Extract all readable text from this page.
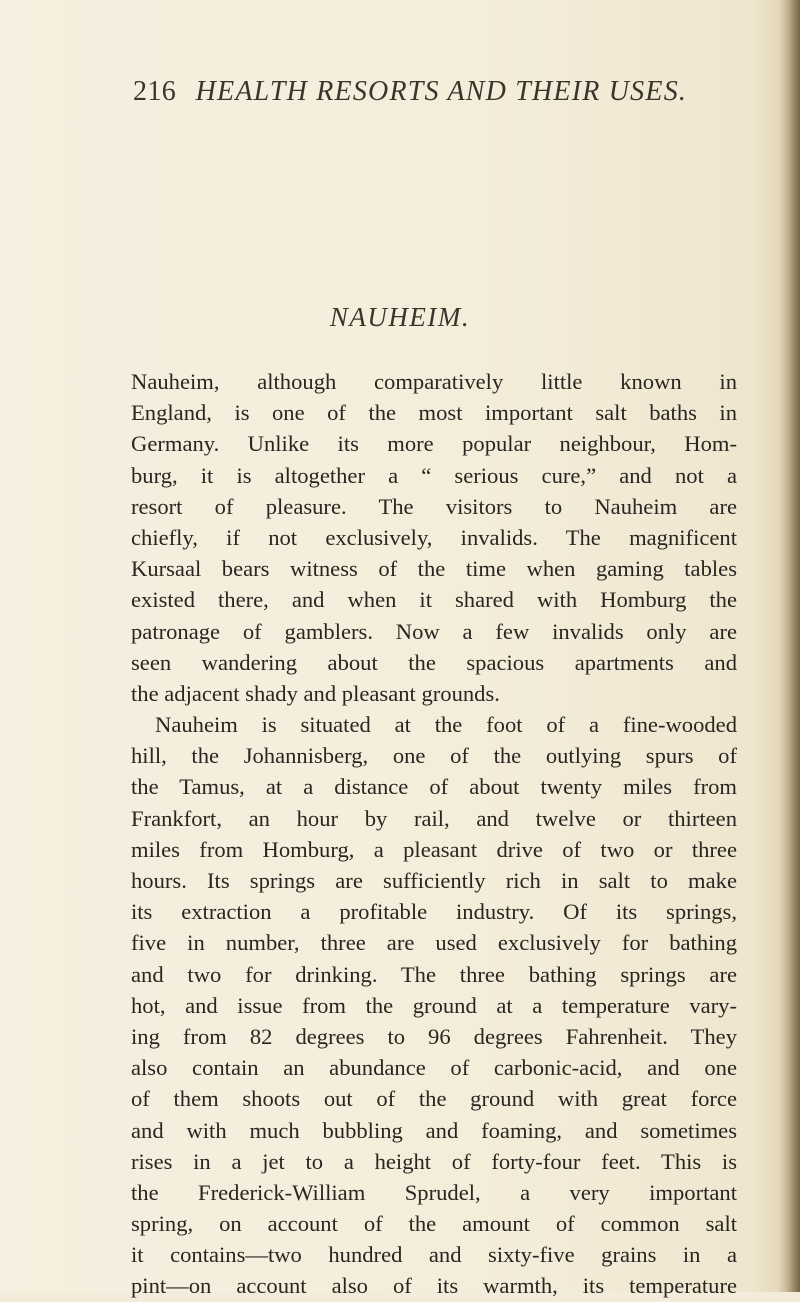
216 HEALTH RESORTS AND THEIR USES.
NAUHEIM.
Nauheim, although comparatively little known in
England, is one of the most important salt baths in
Germany. Unlike its more popular neighbour, Hom-
burg, it is altogether a “ serious cure,” and not a
resort of pleasure. The visitors to Nauheim are
chiefly, if not exclusively, invalids. The magnificent
Kursaal bears witness of the time when gaming tables
existed there, and when it shared with Homburg the
patronage of gamblers. Now a few invalids only are
seen wandering about the spacious apartments and
the adjacent shady and pleasant grounds.
Nauheim is situated at the foot of a fine-wooded
hill, the Johannisberg, one of the outlying spurs of
the Tamus, at a distance of about twenty miles from
Frankfort, an hour by rail, and twelve or thirteen
miles from Homburg, a pleasant drive of two or three
hours. Its springs are sufficiently rich in salt to make
its extraction a profitable industry. Of its springs,
five in number, three are used exclusively for bathing
and two for drinking. The three bathing springs are
hot, and issue from the ground at a temperature vary-
ing from 82 degrees to 96 degrees Fahrenheit. They
also contain an abundance of carbonic-acid, and one
of them shoots out of the ground with great force
and with much bubbling and foaming, and sometimes
rises in a jet to a height of forty-four feet. This is
the Frederick-William Sprudel, a very important
spring, on account of the amount of common salt
it contains—two hundred and sixty-five grains in a
pint—on account also of its warmth, its temperature
